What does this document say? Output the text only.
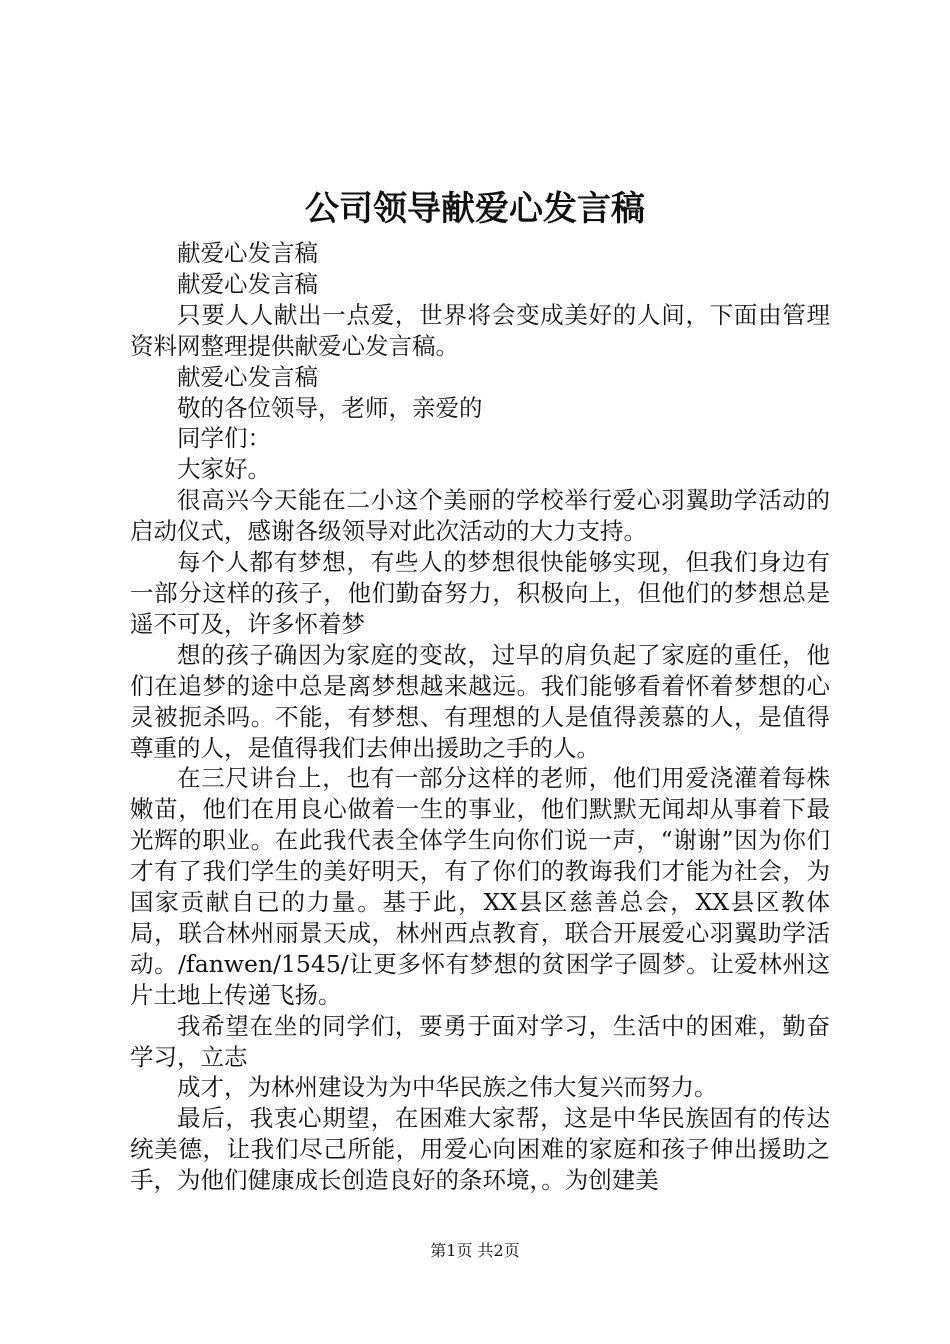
公司领导献爱心发言稿

献爱心发言稿

献爱心发言稿

只要人人献出一点爱，世界将会变成美好的人间，下面由管理资料网整理提供献爱心发言稿。

献爱心发言稿

敬的各位领导，老师，亲爱的

同学们：

大家好。

很高兴今天能在二小这个美丽的学校举行爱心羽翼助学活动的启动仪式，感谢各级领导对此次活动的大力支持。

每个人都有梦想，有些人的梦想很快能够实现，但我们身边有一部分这样的孩子，他们勤奋努力，积极向上，但他们的梦想总是遥不可及，许多怀着梦

想的孩子确因为家庭的变故，过早的肩负起了家庭的重任，他们在追梦的途中总是离梦想越来越远。我们能够看着怀着梦想的心灵被扼杀吗。不能，有梦想、有理想的人是值得羡慕的人，是值得尊重的人，是值得我们去伸出援助之手的人。

在三尺讲台上，也有一部分这样的老师，他们用爱浇灌着每株嫩苗，他们在用良心做着一生的事业，他们默默无闻却从事着下最光辉的职业。在此我代表全体学生向你们说一声，“谢谢”因为你们才有了我们学生的美好明天，有了你们的教诲我们才能为社会，为国家贡献自已的力量。基于此，XX县区慈善总会，XX县区教体局，联合林州丽景天成，林州西点教育，联合开展爱心羽翼助学活动。/fanwen/1545/让更多怀有梦想的贫困学子圆梦。让爱林州这片土地上传递飞扬。

我希望在坐的同学们，要勇于面对学习，生活中的困难，勤奋学习，立志

成才，为林州建设为为中华民族之伟大复兴而努力。

最后，我衷心期望，在困难大家帮，这是中华民族固有的传达统美德，让我们尽己所能，用爱心向困难的家庭和孩子伸出援助之手，为他们健康成长创造良好的条环境，。为创建美

第1页 共2页
